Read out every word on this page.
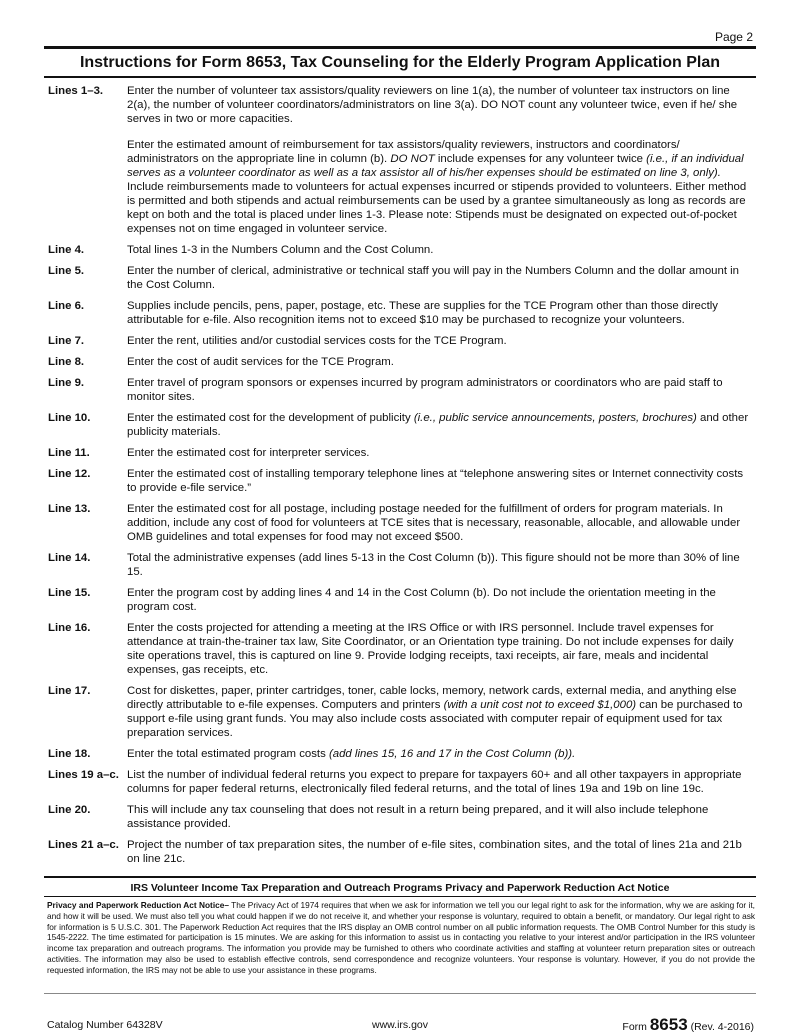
Page 2
Instructions for Form 8653, Tax Counseling for the Elderly Program Application Plan
Lines 1–3.	Enter the number of volunteer tax assistors/quality reviewers on line 1(a), the number of volunteer tax instructors on line 2(a), the number of volunteer coordinators/administrators on line 3(a). DO NOT count any volunteer twice, even if he/ she serves in two or more capacities.

Enter the estimated amount of reimbursement for tax assistors/quality reviewers, instructors and coordinators/ administrators on the appropriate line in column (b). DO NOT include expenses for any volunteer twice (i.e., if an individual serves as a volunteer coordinator as well as a tax assistor all of his/her expenses should be estimated on line 3, only). Include reimbursements made to volunteers for actual expenses incurred or stipends provided to volunteers. Either method is permitted and both stipends and actual reimbursements can be used by a grantee simultaneously as long as records are kept on both and the total is placed under lines 1-3. Please note: Stipends must be designated on expected out-of-pocket expenses not on time engaged in volunteer service.

Line 4.	Total lines 1-3 in the Numbers Column and the Cost Column.

Line 5.	Enter the number of clerical, administrative or technical staff you will pay in the Numbers Column and the dollar amount in the Cost Column.

Line 6.	Supplies include pencils, pens, paper, postage, etc. These are supplies for the TCE Program other than those directly attributable for e-file. Also recognition items not to exceed $10 may be purchased to recognize your volunteers.

Line 7.	Enter the rent, utilities and/or custodial services costs for the TCE Program.

Line 8.	Enter the cost of audit services for the TCE Program.

Line 9.	Enter travel of program sponsors or expenses incurred by program administrators or coordinators who are paid staff to monitor sites.

Line 10.	Enter the estimated cost for the development of publicity (i.e., public service announcements, posters, brochures) and other publicity materials.

Line 11.	Enter the estimated cost for interpreter services.

Line 12.	Enter the estimated cost of installing temporary telephone lines at “telephone answering sites or Internet connectivity costs to provide e-file service.”

Line 13.	Enter the estimated cost for all postage, including postage needed for the fulfillment of orders for program materials. In addition, include any cost of food for volunteers at TCE sites that is necessary, reasonable, allocable, and allowable under OMB guidelines and total expenses for food may not exceed $500.

Line 14.	Total the administrative expenses (add lines 5-13 in the Cost Column (b)). This figure should not be more than 30% of line 15.

Line 15.	Enter the program cost by adding lines 4 and 14 in the Cost Column (b). Do not include the orientation meeting in the program cost.

Line 16.	Enter the costs projected for attending a meeting at the IRS Office or with IRS personnel. Include travel expenses for attendance at train-the-trainer tax law, Site Coordinator, or an Orientation type training. Do not include expenses for daily site operations travel, this is captured on line 9. Provide lodging receipts, taxi receipts, air fare, meals and incidental expenses, gas receipts, etc.

Line 17.	Cost for diskettes, paper, printer cartridges, toner, cable locks, memory, network cards, external media, and anything else directly attributable to e-file expenses. Computers and printers (with a unit cost not to exceed $1,000) can be purchased to support e-file using grant funds. You may also include costs associated with computer repair of equipment used for tax preparation services.

Line 18.	Enter the total estimated program costs (add lines 15, 16 and 17 in the Cost Column (b)).

Lines 19 a–c. List the number of individual federal returns you expect to prepare for taxpayers 60+ and all other taxpayers in appropriate columns for paper federal returns, electronically filed federal returns, and the total of lines 19a and 19b on line 19c.

Line 20.	This will include any tax counseling that does not result in a return being prepared, and it will also include telephone assistance provided.

Lines 21 a–c. Project the number of tax preparation sites, the number of e-file sites, combination sites, and the total of lines 21a and 21b on line 21c.

IRS Volunteer Income Tax Preparation and Outreach Programs Privacy and Paperwork Reduction Act Notice
Privacy and Paperwork Reduction Act Notice– The Privacy Act of 1974 requires that when we ask for information we tell you our legal right to ask for the information, why we are asking for it, and how it will be used. We must also tell you what could happen if we do not receive it, and whether your response is voluntary, required to obtain a benefit, or mandatory. Our legal right to ask for information is 5 U.S.C. 301. The Paperwork Reduction Act requires that the IRS display an OMB control number on all public information requests. The OMB Control Number for this study is 1545-2222. The time estimated for participation is 15 minutes. We are asking for this information to assist us in contacting you relative to your interest and/or participation in the IRS volunteer income tax preparation and outreach programs. The information you provide may be furnished to others who coordinate activities and staffing at volunteer return preparation sites or outreach activities. The information may also be used to establish effective controls, send correspondence and recognize volunteers. Your response is voluntary. However, if you do not provide the requested information, the IRS may not be able to use your assistance in these programs.
Catalog Number 64328V	www.irs.gov	Form 8653 (Rev. 4-2016)
